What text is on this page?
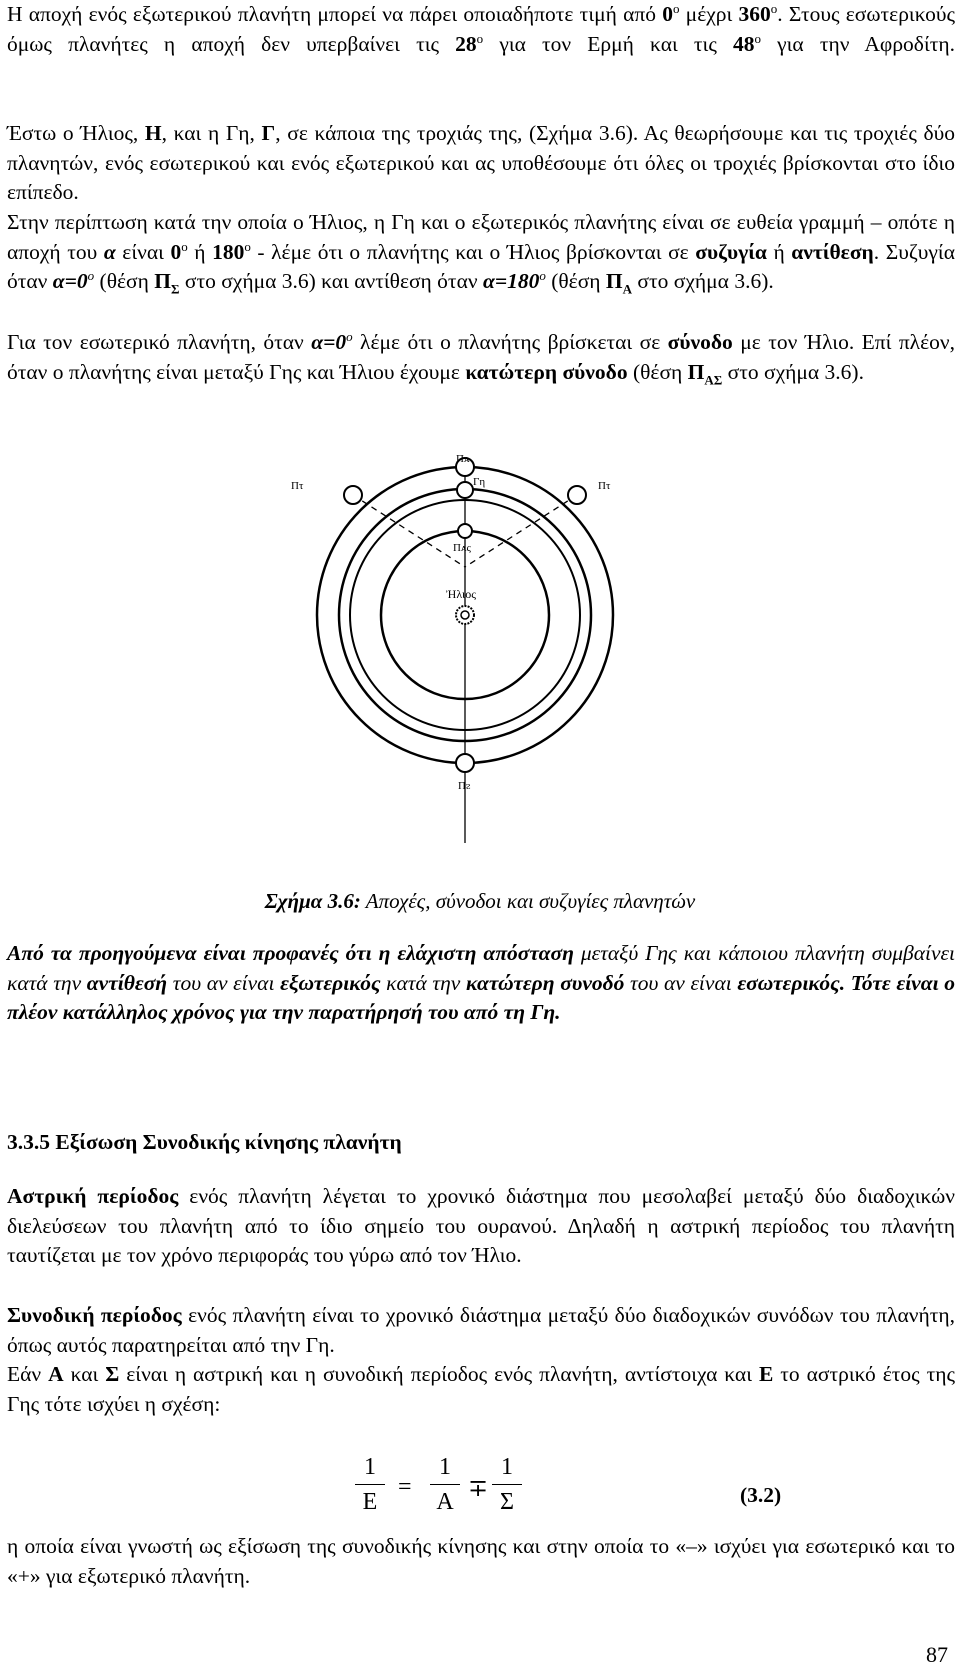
Η αποχή ενός εξωτερικού πλανήτη μπορεί να πάρει οποιαδήποτε τιμή από $0^o$ μέχρι $360^o$. Στους εσωτερικούς όμως πλανήτες η αποχή δεν υπερβαίνει τις $28^o$ για τον Ερμή και τις $48^o$ για την Αφροδίτη.
Έστω ο Ήλιος, Η, και η Γη, Γ, σε κάποια της τροχιάς της, (Σχήμα 3.6). Ας θεωρήσουμε και τις τροχιές δύο πλανητών, ενός εσωτερικού και ενός εξωτερικού και ας υποθέσουμε ότι όλες οι τροχιές βρίσκονται στο ίδιο επίπεδο.
Στην περίπτωση κατά την οποία ο Ήλιος, η Γη και ο εξωτερικός πλανήτης είναι σε ευθεία γραμμή – οπότε η αποχή του α είναι $0^o$ ή $180^o$ - λέμε ότι ο πλανήτης και ο Ήλιος βρίσκονται σε συζυγία ή αντίθεση. Συζυγία όταν $\alpha=0^o$ (θέση $\Pi_\Sigma$ στο σχήμα 3.6) και αντίθεση όταν $\alpha=180^o$ (θέση $\Pi_A$ στο σχήμα 3.6).
Για τον εσωτερικό πλανήτη, όταν $\alpha=0^o$ λέμε ότι ο πλανήτης βρίσκεται σε σύνοδο με τον Ήλιο. Επί πλέον, όταν ο πλανήτης είναι μεταξύ Γης και Ήλιου έχουμε κατώτερη σύνοδο (θέση $\Pi_{A\Sigma}$ στο σχήμα 3.6).
Πᴀ
Πτ	Πτ
Γη
Πᴀς
Ἠλιος
Πᴤ
Σχήμα 3.6: Αποχές, σύνοδοι και συζυγίες πλανητών
Από τα προηγούμενα είναι προφανές ότι η ελάχιστη απόσταση μεταξύ Γης και κάποιου πλανήτη συμβαίνει κατά την αντίθεσή του αν είναι εξωτερικός κατά την κατώτερη συνοδό του αν είναι εσωτερικός. Τότε είναι ο πλέον κατάλληλος χρόνος για την παρατήρησή του από τη Γη.
3.3.5 Εξίσωση Συνοδικής κίνησης πλανήτη
Αστρική περίοδος ενός πλανήτη λέγεται το χρονικό διάστημα που μεσολαβεί μεταξύ δύο διαδοχικών διελεύσεων του πλανήτη από το ίδιο σημείο του ουρανού. Δηλαδή η αστρική περίοδος του πλανήτη ταυτίζεται με τον χρόνο περιφοράς του γύρω από τον Ήλιο.
Συνοδική περίοδος ενός πλανήτη είναι το χρονικό διάστημα μεταξύ δύο διαδοχικών συνόδων του πλανήτη, όπως αυτός παρατηρείται από την Γη.
Εάν Α και Σ είναι η αστρική και η συνοδική περίοδος ενός πλανήτη, αντίστοιχα και Ε το αστρικό έτος της Γης τότε ισχύει η σχέση:
1
Ε
=
1
Α ∓
1
Σ	(3.2)
η οποία είναι γνωστή ως εξίσωση της συνοδικής κίνησης και στην οποία το «–» ισχύει για εσωτερικό και το «+» για εξωτερικό πλανήτη.
87
